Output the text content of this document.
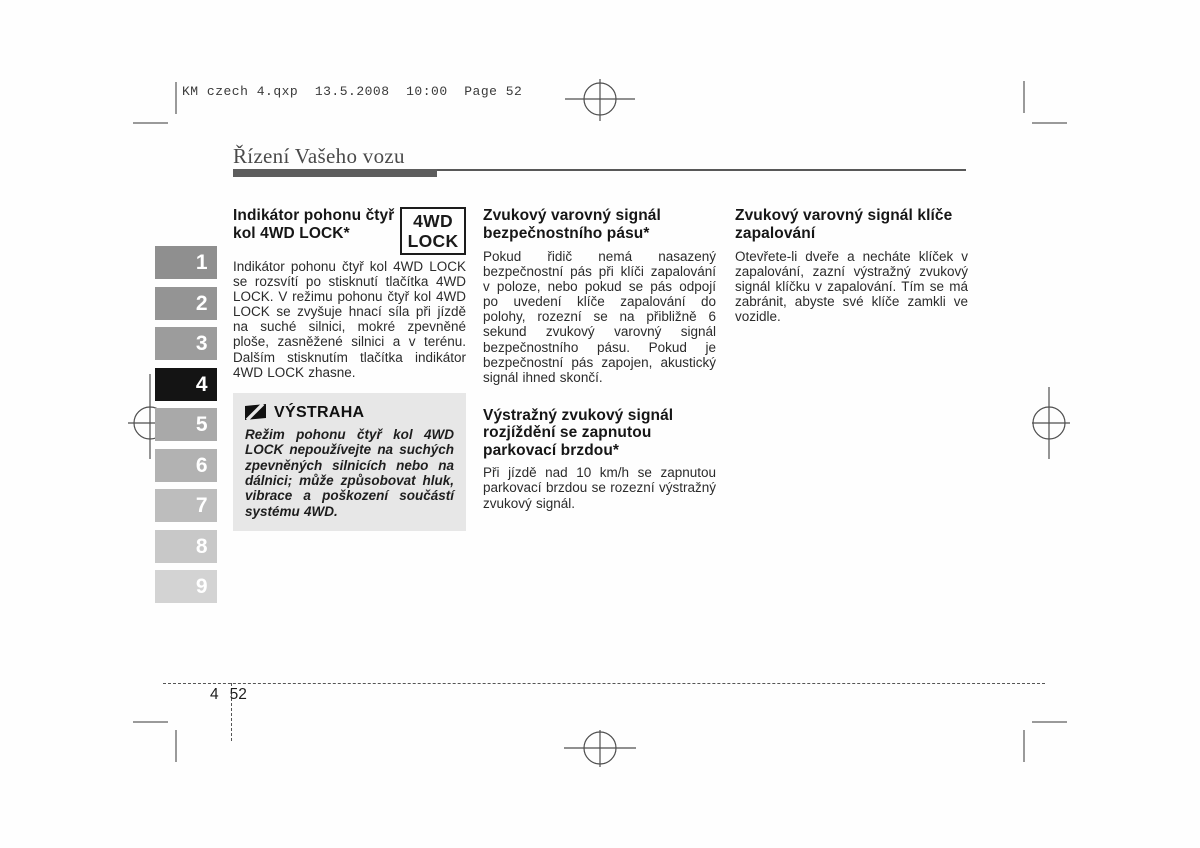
KM czech 4.qxp  13.5.2008  10:00  Page 52
Řízení Vašeho vozu
1
2
3
4
5
6
7
8
9
Indikátor pohonu čtyř kol 4WD LOCK*
4WD
LOCK

Indikátor pohonu čtyř kol 4WD LOCK se rozsvítí po stisknutí tlačítka 4WD LOCK. V režimu pohonu čtyř kol 4WD LOCK se zvyšuje hnací síla při jízdě na suché silnici, mokré zpevněné ploše, zasněžené silnici a v terénu. Dalším stisknutím tlačítka indikátor 4WD LOCK zhasne.

VÝSTRAHA

Režim pohonu čtyř kol 4WD LOCK nepoužívejte na suchých zpevněných silnicích nebo na dálnici; může způsobovat hluk, vibrace a poškození součástí systému 4WD.

Zvukový varovný signál bezpečnostního pásu*

Pokud řidič nemá nasazený bezpečnostní pás při klíči zapalování v poloze, nebo pokud se pás odpojí po uvedení klíče zapalování do polohy, rozezní se na přibližně 6 sekund zvukový varovný signál bezpečnostního pásu. Pokud je bezpečnostní pás zapojen, akustický signál ihned skončí.

Výstražný zvukový signál rozjíždění se zapnutou parkovací brzdou*

Při jízdě nad 10 km/h se zapnutou parkovací brzdou se rozezní výstražný zvukový signál.

Zvukový varovný signál klíče zapalování

Otevřete-li dveře a necháte klíček v zapalování, zazní výstražný zvukový signál klíčku v zapalování. Tím se má zabránit, abyste své klíče zamkli ve vozidle.

4 52
